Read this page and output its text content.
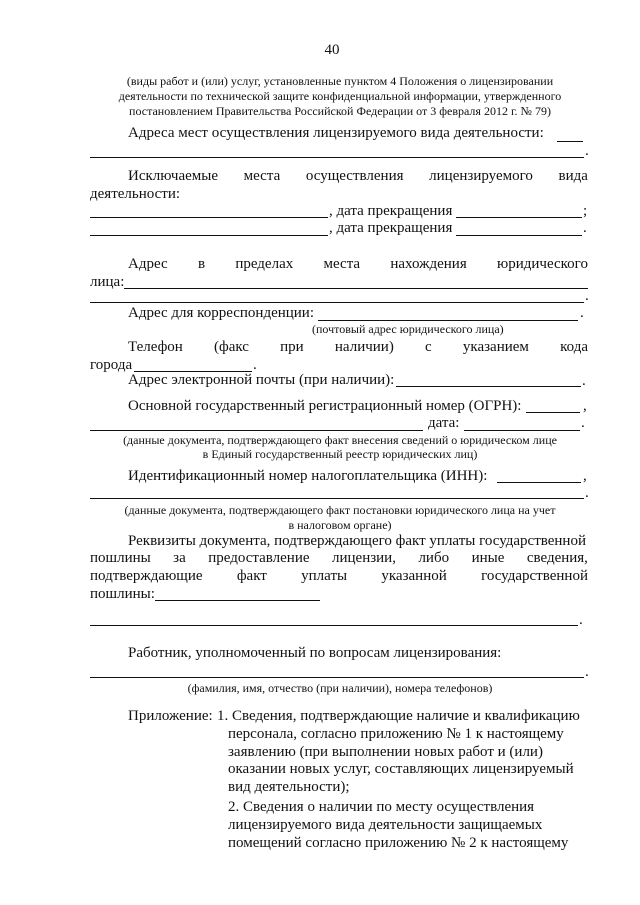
40
(виды работ и (или) услуг, установленные пунктом 4 Положения о лицензировании
деятельности по технической защите конфиденциальной информации, утвержденного
постановлением Правительства Российской Федерации от 3 февраля 2012 г. № 79)
Адреса мест осуществления лицензируемого вида деятельности:
.
Исключаемые места осуществления лицензируемого вида
деятельности:
, дата прекращения	;
, дата прекращения	.
Адрес в пределах места нахождения юридического
лица:
.
Адрес для корреспонденции:	.
(почтовый адрес юридического лица)
Телефон (факс при наличии) с указанием кода
города	.
Адрес электронной почты (при наличии):	.
Основной государственный регистрационный номер (ОГРН):	,
дата:	.
(данные документа, подтверждающего факт внесения сведений о юридическом лице
в Единый государственный реестр юридических лиц)
Идентификационный номер налогоплательщика (ИНН):	,
.
(данные документа, подтверждающего факт постановки юридического лица на учет
в налоговом органе)
Реквизиты документа, подтверждающего факт уплаты государственной
пошлины за предоставление лицензии, либо иные сведения,
подтверждающие факт уплаты указанной государственной
пошлины:
.
Работник, уполномоченный по вопросам лицензирования:
.
(фамилия, имя, отчество (при наличии), номера телефонов)
Приложение: 1. Сведения, подтверждающие наличие и квалификацию
персонала, согласно приложению № 1 к настоящему
заявлению (при выполнении новых работ и (или)
оказании новых услуг, составляющих лицензируемый
вид деятельности);
2. Сведения о наличии по месту осуществления
лицензируемого вида деятельности защищаемых
помещений согласно приложению № 2 к настоящему
